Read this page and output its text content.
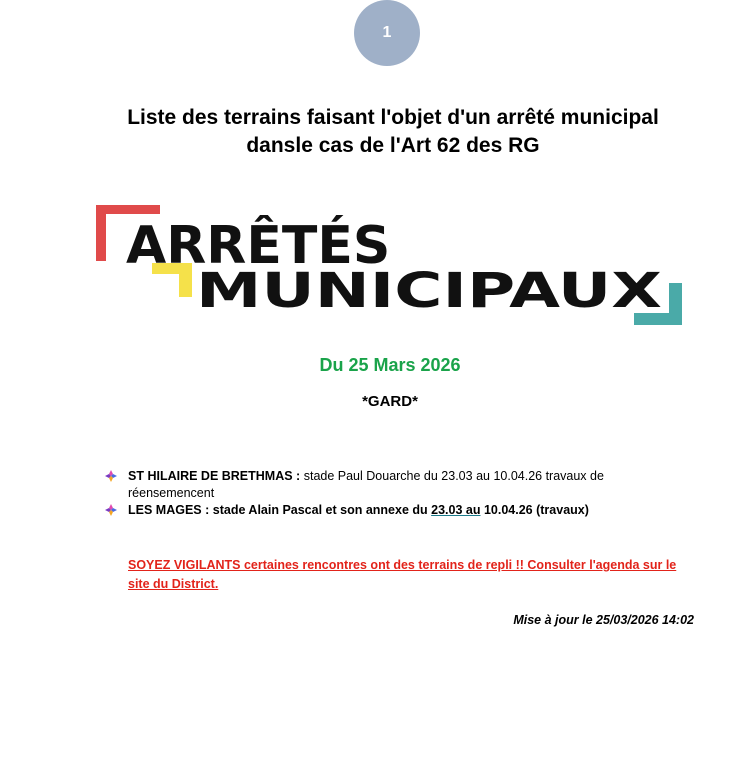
1
Liste des terrains faisant l'objet d'un arrêté municipal
dansle cas de l'Art 62 des RG
ARRÊTÉS
MUNICIPAUX
Du 25 Mars 2026
*GARD*
ST HILAIRE DE BRETHMAS : stade Paul Douarche du 23.03 au 10.04.26 travaux de réensemencent
LES MAGES : stade Alain Pascal et son annexe du 23.03 au 10.04.26 (travaux)
SOYEZ VIGILANTS certaines rencontres ont des terrains de repli !! Consulter l'agenda sur le site du District.
Mise à jour le 25/03/2026 14:02
